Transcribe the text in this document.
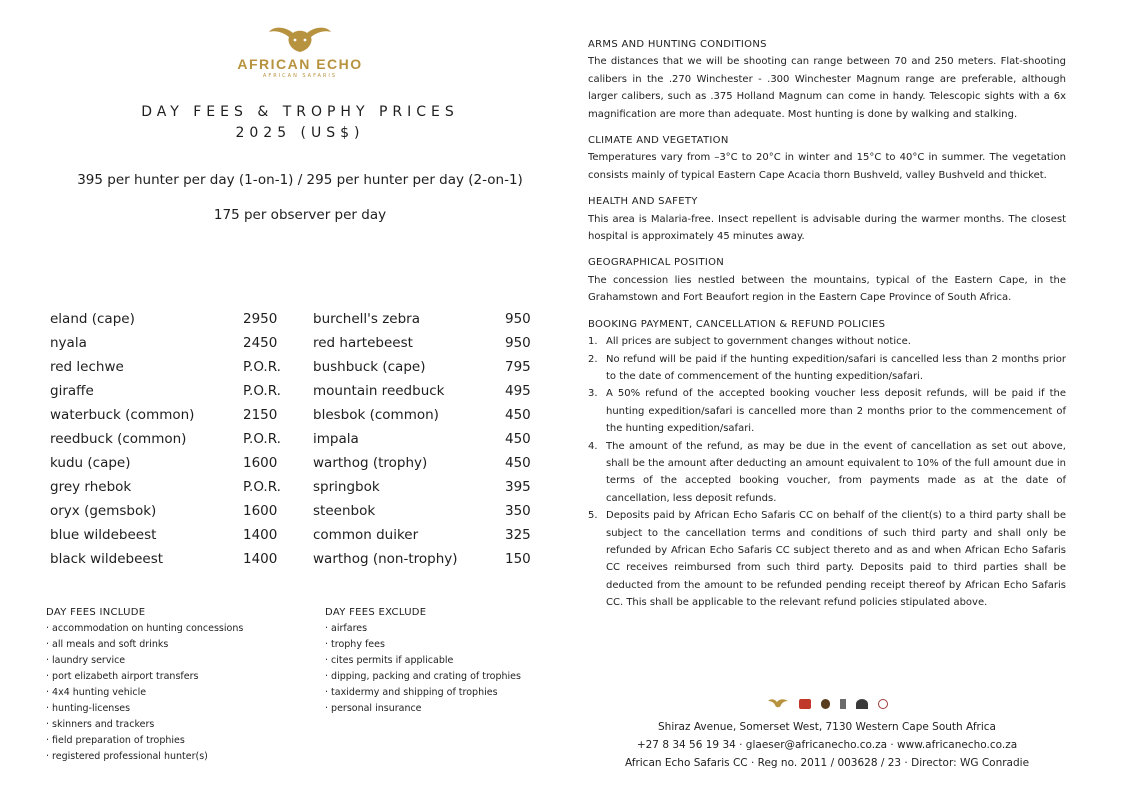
AFRICAN ECHO
AFRICAN SAFARIS
DAY FEES & TROPHY PRICES
2025 (US$)
395 per hunter per day (1-on-1) / 295 per hunter per day (2-on-1)
175 per observer per day
eland (cape)	2950
nyala	2450
red lechwe	P.O.R.
giraffe	P.O.R.
waterbuck (common)	2150
reedbuck (common)	P.O.R.
kudu (cape)	1600
grey rhebok	P.O.R.
oryx (gemsbok)	1600
blue wildebeest	1400
black wildebeest	1400
burchell's zebra	950
red hartebeest	950
bushbuck (cape)	795
mountain reedbuck	495
blesbok (common)	450
impala	450
warthog (trophy)	450
springbok	395
steenbok	350
common duiker	325
warthog (non-trophy)	150
DAY FEES INCLUDE
· accommodation on hunting concessions
· all meals and soft drinks
· laundry service
· port elizabeth airport transfers
· 4x4 hunting vehicle
· hunting-licenses
· skinners and trackers
· field preparation of trophies
· registered professional hunter(s)
DAY FEES EXCLUDE
· airfares
· trophy fees
· cites permits if applicable
· dipping, packing and crating of trophies
· taxidermy and shipping of trophies
· personal insurance
ARMS AND HUNTING CONDITIONS
The distances that we will be shooting can range between 70 and 250 meters. Flat-shooting calibers in the .270 Winchester - .300 Winchester Magnum range are preferable, although larger calibers, such as .375 Holland Magnum can come in handy. Telescopic sights with a 6x magnification are more than adequate. Most hunting is done by walking and stalking.
CLIMATE AND VEGETATION
Temperatures vary from –3°C to 20°C in winter and 15°C to 40°C in summer. The vegetation consists mainly of typical Eastern Cape Acacia thorn Bushveld, valley Bushveld and thicket.
HEALTH AND SAFETY
This area is Malaria-free. Insect repellent is advisable during the warmer months. The closest hospital is approximately 45 minutes away.
GEOGRAPHICAL POSITION
The concession lies nestled between the mountains, typical of the Eastern Cape, in the Grahamstown and Fort Beaufort region in the Eastern Cape Province of South Africa.
BOOKING PAYMENT, CANCELLATION & REFUND POLICIES
1. All prices are subject to government changes without notice.
2. No refund will be paid if the hunting expedition/safari is cancelled less than 2 months prior to the date of commencement of the hunting expedition/safari.
3. A 50% refund of the accepted booking voucher less deposit refunds, will be paid if the hunting expedition/safari is cancelled more than 2 months prior to the commencement of the hunting expedition/safari.
4. The amount of the refund, as may be due in the event of cancellation as set out above, shall be the amount after deducting an amount equivalent to 10% of the full amount due in terms of the accepted booking voucher, from payments made as at the date of cancellation, less deposit refunds.
5. Deposits paid by African Echo Safaris CC on behalf of the client(s) to a third party shall be subject to the cancellation terms and conditions of such third party and shall only be refunded by African Echo Safaris CC subject thereto and as and when African Echo Safaris CC receives reimbursed from such third party. Deposits paid to third parties shall be deducted from the amount to be refunded pending receipt thereof by African Echo Safaris CC. This shall be applicable to the relevant refund policies stipulated above.
Shiraz Avenue, Somerset West, 7130 Western Cape South Africa
+27 8 34 56 19 34 · glaeser@africanecho.co.za · www.africanecho.co.za
African Echo Safaris CC · Reg no. 2011 / 003628 / 23 · Director: WG Conradie
